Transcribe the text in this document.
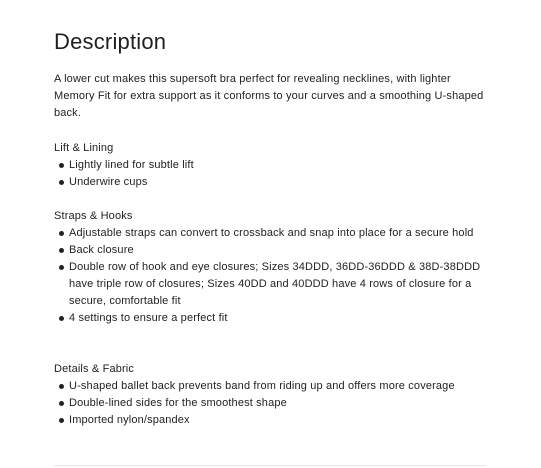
Description
A lower cut makes this supersoft bra perfect for revealing necklines, with lighter Memory Fit for extra support as it conforms to your curves and a smoothing U-shaped back.
Lift & Lining
Lightly lined for subtle lift
Underwire cups
Straps & Hooks
Adjustable straps can convert to crossback and snap into place for a secure hold
Back closure
Double row of hook and eye closures; Sizes 34DDD, 36DD-36DDD & 38D-38DDD have triple row of closures; Sizes 40DD and 40DDD have 4 rows of closure for a secure, comfortable fit
4 settings to ensure a perfect fit
Details & Fabric
U-shaped ballet back prevents band from riding up and offers more coverage
Double-lined sides for the smoothest shape
Imported nylon/spandex
